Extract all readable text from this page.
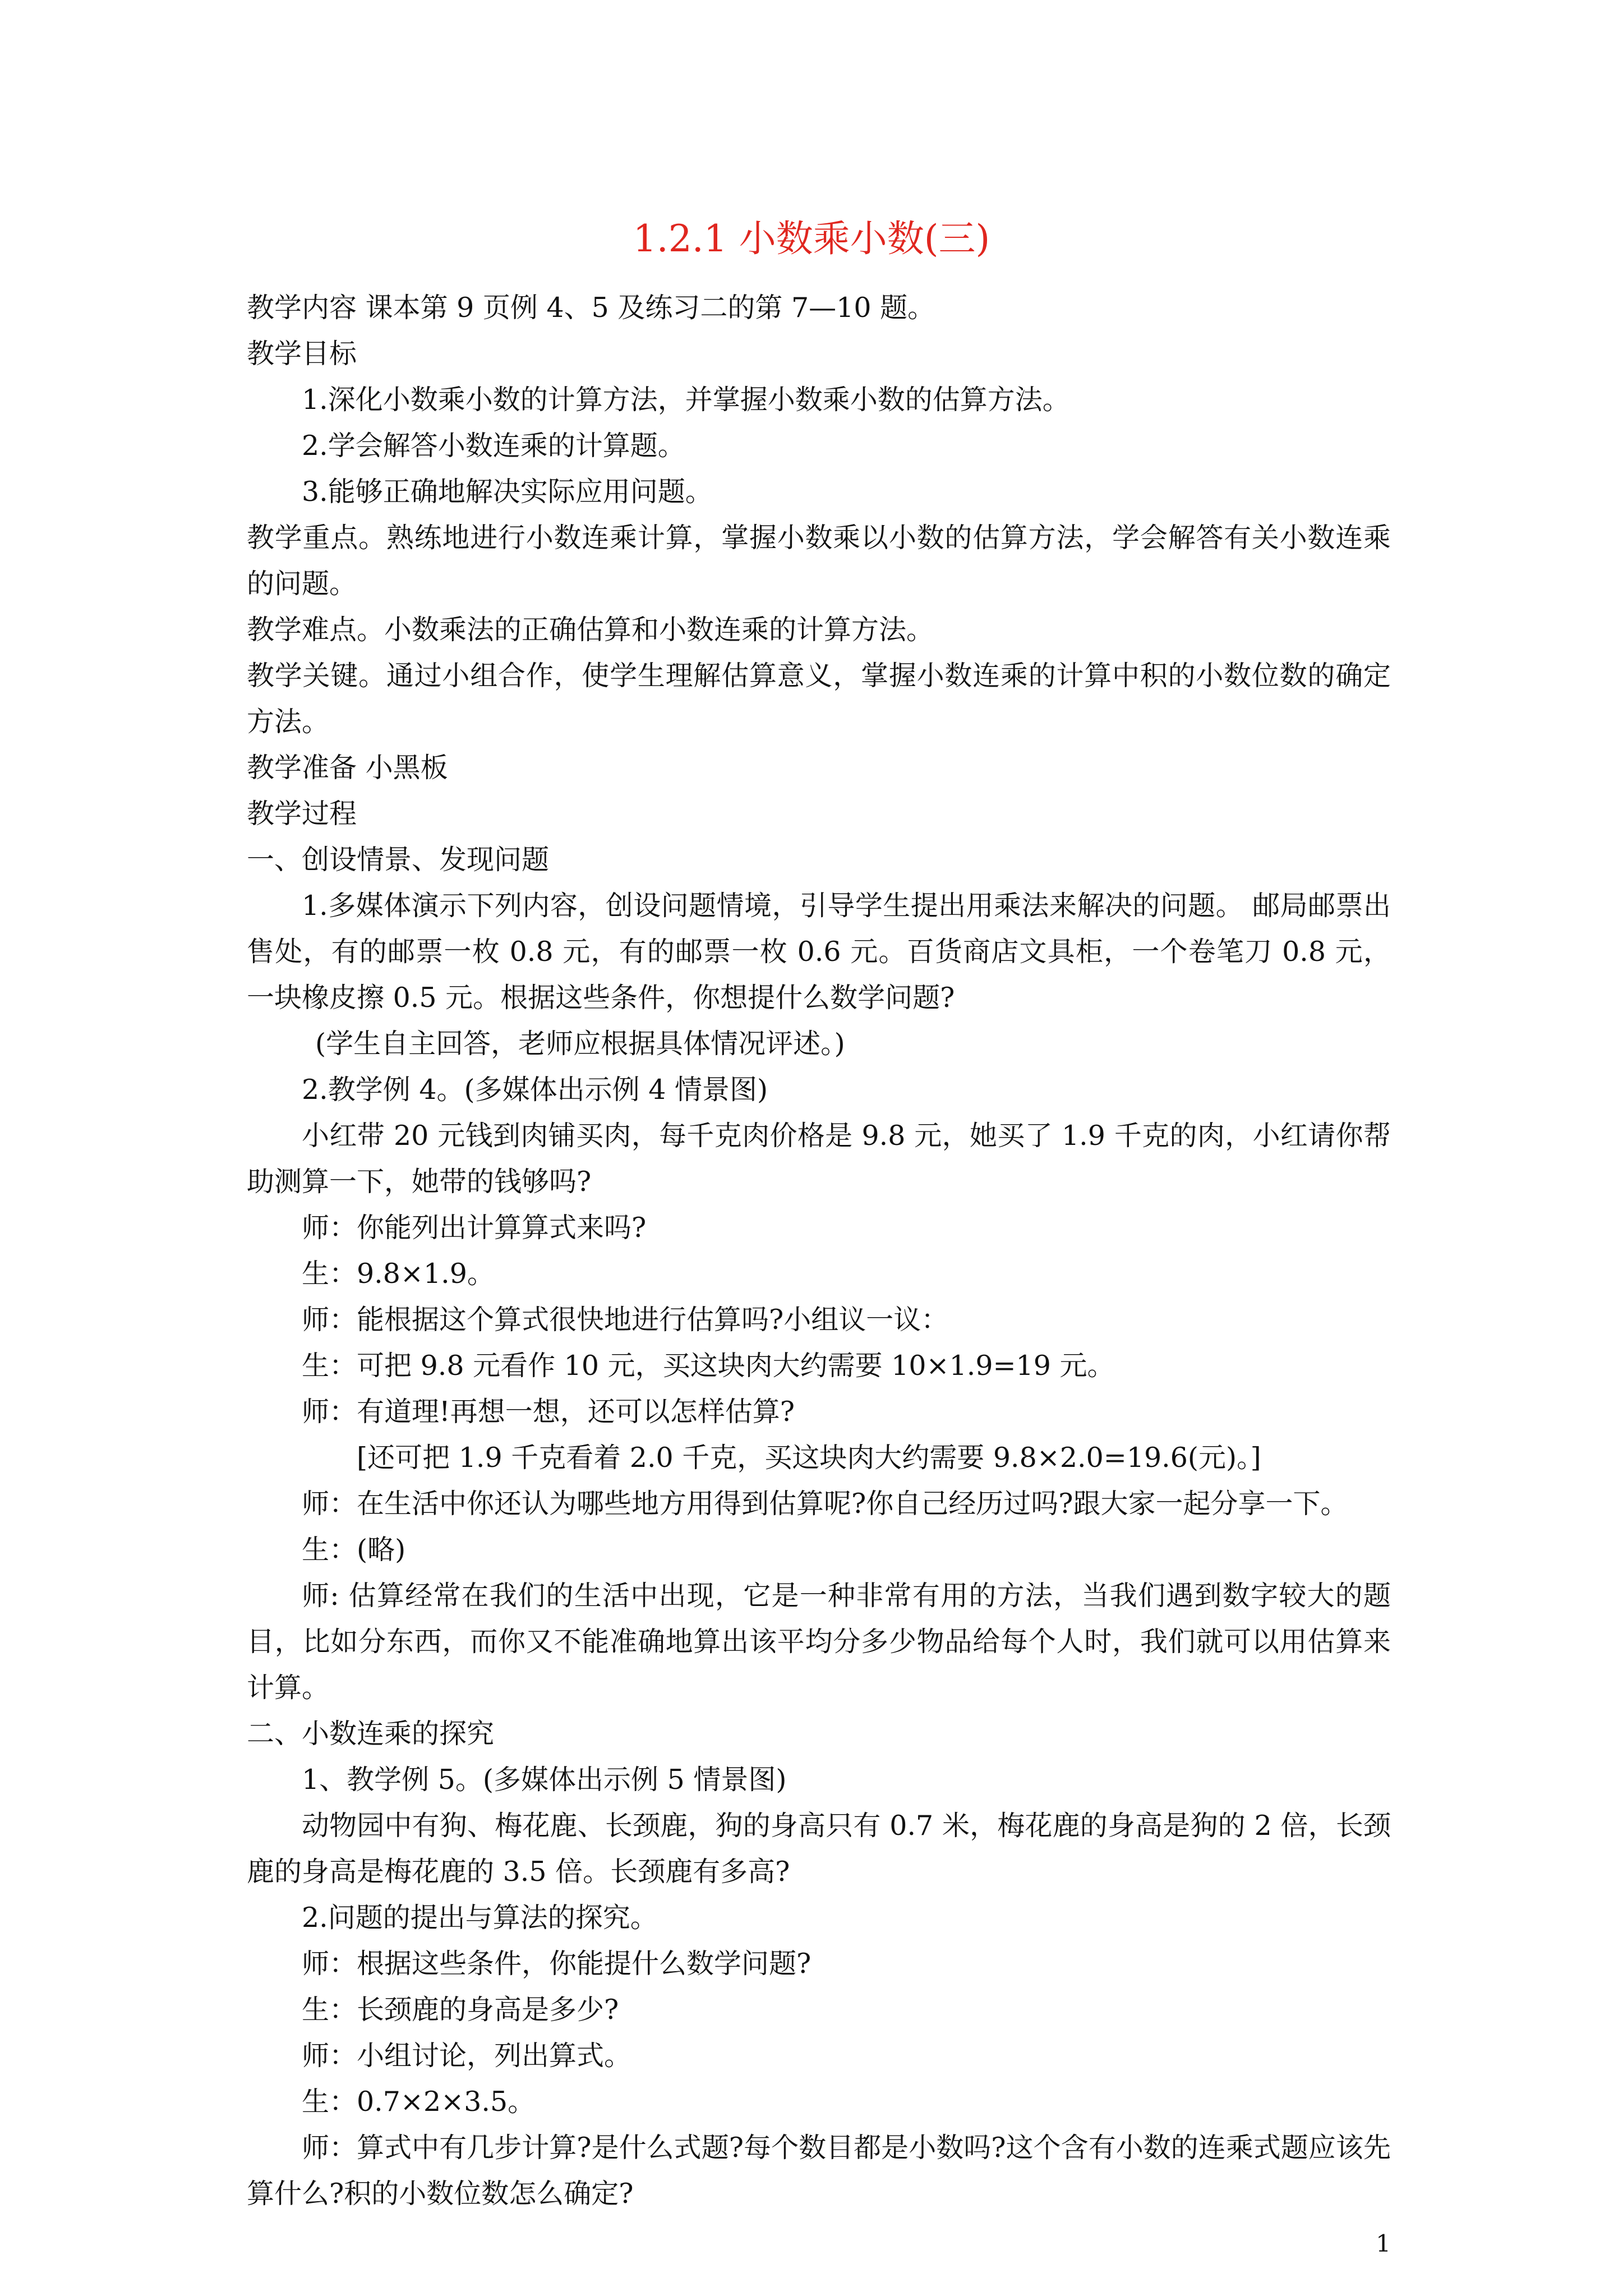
1.2.1 小数乘小数(三)

教学内容 课本第 9 页例 4、5 及练习二的第 7—10 题。

教学目标

1.深化小数乘小数的计算方法，并掌握小数乘小数的估算方法。

2.学会解答小数连乘的计算题。

3.能够正确地解决实际应用问题。

教学重点。熟练地进行小数连乘计算，掌握小数乘以小数的估算方法，学会解答有关小数连乘的问题。

教学难点。小数乘法的正确估算和小数连乘的计算方法。

教学关键。通过小组合作，使学生理解估算意义，掌握小数连乘的计算中积的小数位数的确定方法。

教学准备 小黑板

教学过程

一、创设情景、发现问题

1.多媒体演示下列内容，创设问题情境，引导学生提出用乘法来解决的问题。 邮局邮票出售处，有的邮票一枚 0.8 元，有的邮票一枚 0.6 元。百货商店文具柜，一个卷笔刀 0.8 元，一块橡皮擦 0.5 元。根据这些条件，你想提什么数学问题?

(学生自主回答，老师应根据具体情况评述。)

2.教学例 4。(多媒体出示例 4 情景图)

小红带 20 元钱到肉铺买肉，每千克肉价格是 9.8 元，她买了 1.9 千克的肉，小红请你帮助测算一下，她带的钱够吗?

师：你能列出计算算式来吗?

生：9.8×1.9。

师：能根据这个算式很快地进行估算吗?小组议一议：

生：可把 9.8 元看作 10 元，买这块肉大约需要 10×1.9=19 元。

师：有道理!再想一想，还可以怎样估算?

[还可把 1.9 千克看着 2.0 千克，买这块肉大约需要 9.8×2.0=19.6(元)。]

师：在生活中你还认为哪些地方用得到估算呢?你自己经历过吗?跟大家一起分享一下。

生：(略)

师: 估算经常在我们的生活中出现，它是一种非常有用的方法，当我们遇到数字较大的题目，比如分东西，而你又不能准确地算出该平均分多少物品给每个人时，我们就可以用估算来计算。

二、小数连乘的探究

1、教学例 5。(多媒体出示例 5 情景图)

动物园中有狗、梅花鹿、长颈鹿，狗的身高只有 0.7 米，梅花鹿的身高是狗的 2 倍，长颈鹿的身高是梅花鹿的 3.5 倍。长颈鹿有多高?

2.问题的提出与算法的探究。

师：根据这些条件，你能提什么数学问题?

生：长颈鹿的身高是多少?

师：小组讨论，列出算式。

生：0.7×2×3.5。

师：算式中有几步计算?是什么式题?每个数目都是小数吗?这个含有小数的连乘式题应该先算什么?积的小数位数怎么确定?

1
